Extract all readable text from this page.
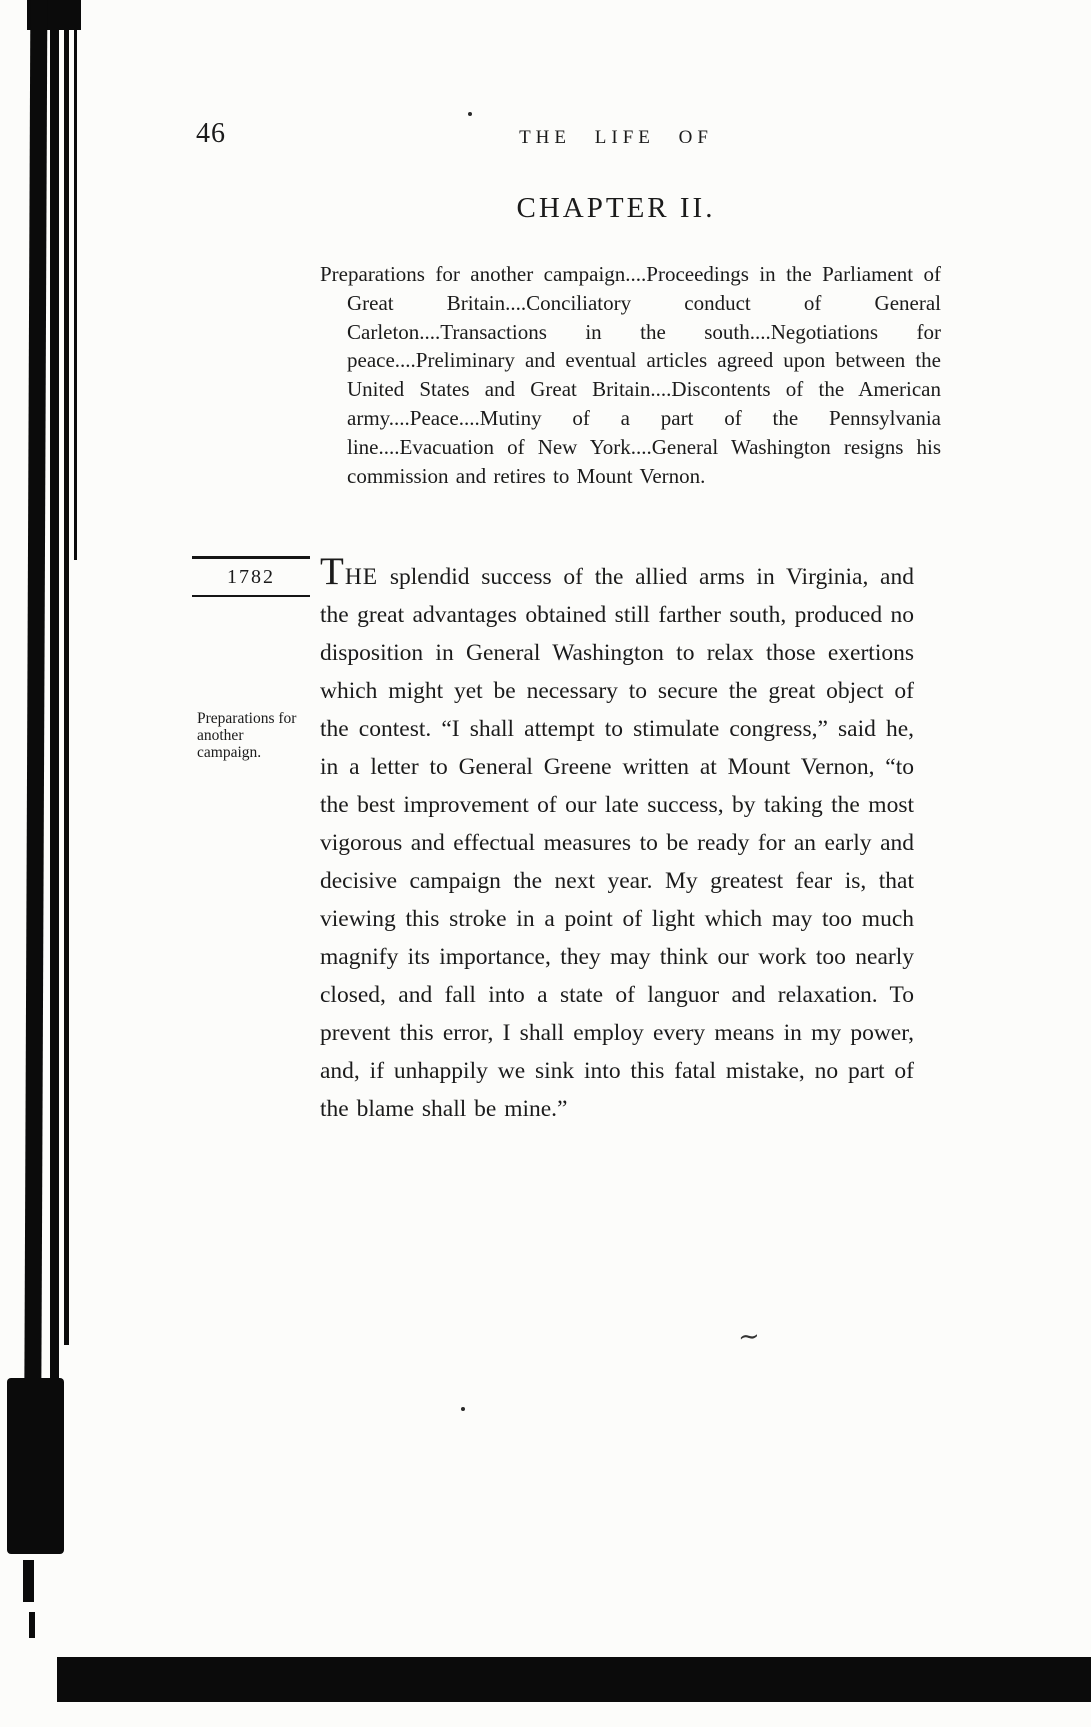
~
46	THE LIFE OF
CHAPTER II.

Preparations for another campaign....Proceedings in the Parliament of Great Britain....Conciliatory conduct of General Carleton....Transactions in the south....Negotiations for peace....Preliminary and eventual articles agreed upon between the United States and Great Britain....Discontents of the American army....Peace....Mutiny of a part of the Pennsylvania line....Evacuation of New York....General Washington resigns his commission and retires to Mount Vernon.

1782
Preparations for another campaign.

THE splendid success of the allied arms in Virginia, and the great advantages obtained still farther south, produced no disposition in General Washington to relax those exertions which might yet be necessary to secure the great object of the contest. “I shall attempt to stimulate congress,” said he, in a letter to General Greene written at Mount Vernon, “to the best improvement of our late success, by taking the most vigorous and effectual measures to be ready for an early and decisive campaign the next year. My greatest fear is, that viewing this stroke in a point of light which may too much magnify its importance, they may think our work too nearly closed, and fall into a state of languor and relaxation. To prevent this error, I shall employ every means in my power, and, if unhappily we sink into this fatal mistake, no part of the blame shall be mine.”
